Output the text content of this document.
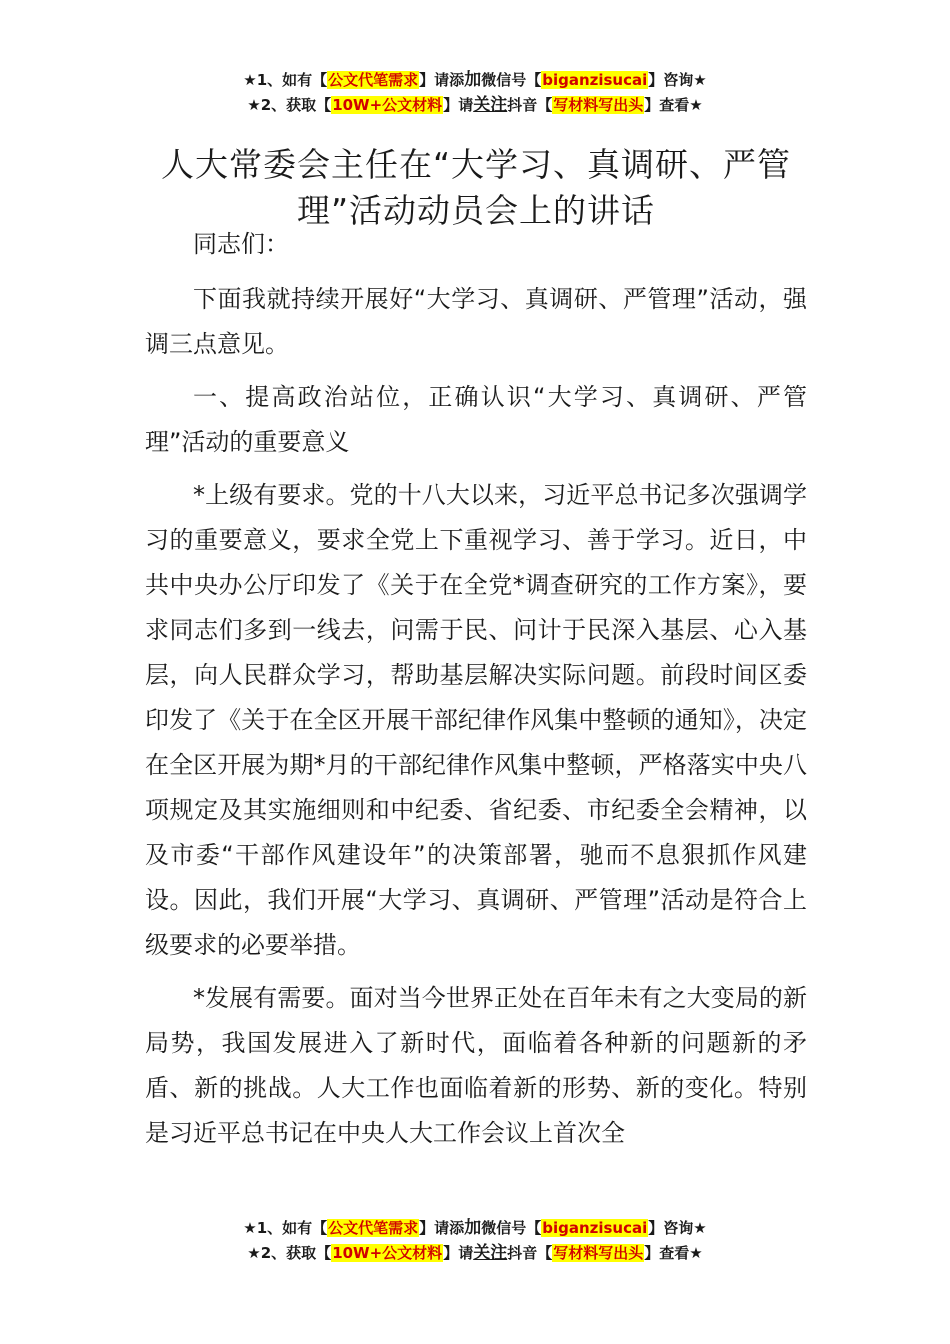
★1、如有【公文代笔需求】请添加微信号【biganzisucai】咨询★
★2、获取【10W+公文材料】请关注抖音【写材料写出头】查看★
人大常委会主任在“大学习、真调研、严管理”活动动员会上的讲话

同志们：

下面我就持续开展好“大学习、真调研、严管理”活动，强调三点意见。

一、提高政治站位，正确认识“大学习、真调研、严管理”活动的重要意义

*上级有要求。党的十八大以来，习近平总书记多次强调学习的重要意义，要求全党上下重视学习、善于学习。近日，中共中央办公厅印发了《关于在全党*调查研究的工作方案》，要求同志们多到一线去，问需于民、问计于民深入基层、心入基层，向人民群众学习，帮助基层解决实际问题。前段时间区委印发了《关于在全区开展干部纪律作风集中整顿的通知》，决定在全区开展为期*月的干部纪律作风集中整顿，严格落实中央八项规定及其实施细则和中纪委、省纪委、市纪委全会精神，以及市委“干部作风建设年”的决策部署，驰而不息狠抓作风建设。因此，我们开展“大学习、真调研、严管理”活动是符合上级要求的必要举措。

*发展有需要。面对当今世界正处在百年未有之大变局的新局势，我国发展进入了新时代，面临着各种新的问题新的矛盾、新的挑战。人大工作也面临着新的形势、新的变化。特别是习近平总书记在中央人大工作会议上首次全

★1、如有【公文代笔需求】请添加微信号【biganzisucai】咨询★
★2、获取【10W+公文材料】请关注抖音【写材料写出头】查看★
